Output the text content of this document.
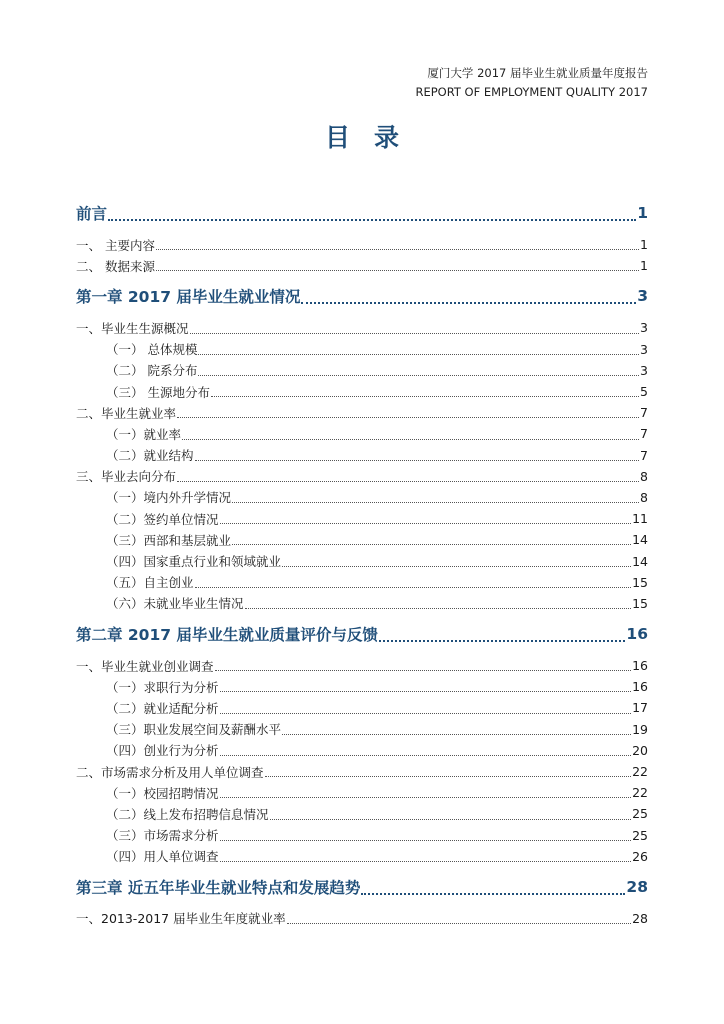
厦门大学 2017 届毕业生就业质量年度报告
REPORT OF EMPLOYMENT QUALITY 2017
目录
前言	1
一、 主要内容	1
二、 数据来源	1
第一章 2017 届毕业生就业情况	3
一、毕业生生源概况	3
（一） 总体规模	3
（二） 院系分布	3
（三） 生源地分布	5
二、毕业生就业率	7
（一）就业率	7
（二）就业结构	7
三、毕业去向分布	8
（一）境内外升学情况	8
（二）签约单位情况	11
（三）西部和基层就业	14
（四）国家重点行业和领域就业	14
（五）自主创业	15
（六）未就业毕业生情况	15
第二章 2017 届毕业生就业质量评价与反馈	16
一、毕业生就业创业调查	16
（一）求职行为分析	16
（二）就业适配分析	17
（三）职业发展空间及薪酬水平	19
（四）创业行为分析	20
二、市场需求分析及用人单位调查	22
（一）校园招聘情况	22
（二）线上发布招聘信息情况	25
（三）市场需求分析	25
（四）用人单位调查	26
第三章 近五年毕业生就业特点和发展趋势	28
一、2013-2017 届毕业生年度就业率	28
